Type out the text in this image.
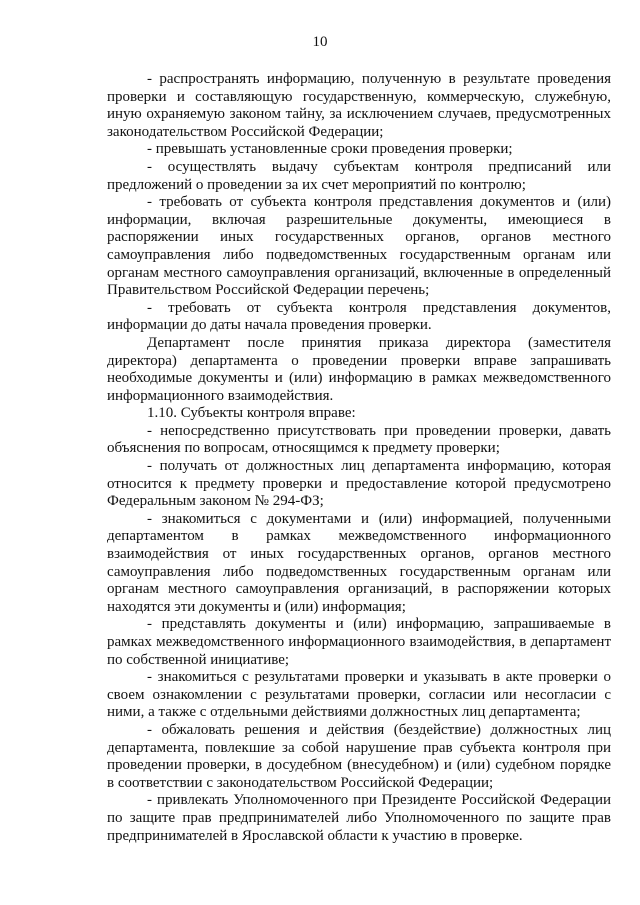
10

- распространять информацию, полученную в результате проведения проверки и составляющую государственную, коммерческую, служебную, иную охраняемую законом тайну, за исключением случаев, предусмотренных законодательством Российской Федерации;

- превышать установленные сроки проведения проверки;

- осуществлять выдачу субъектам контроля предписаний или предложений о проведении за их счет мероприятий по контролю;

- требовать от субъекта контроля представления документов и (или) информации, включая разрешительные документы, имеющиеся в распоряжении иных государственных органов, органов местного самоуправления либо подведомственных государственным органам или органам местного самоуправления организаций, включенные в определенный Правительством Российской Федерации перечень;

- требовать от субъекта контроля представления документов, информации до даты начала проведения проверки.

Департамент после принятия приказа директора (заместителя директора) департамента о проведении проверки вправе запрашивать необходимые документы и (или) информацию в рамках межведомственного информационного взаимодействия.

1.10. Субъекты контроля вправе:

- непосредственно присутствовать при проведении проверки, давать объяснения по вопросам, относящимся к предмету проверки;

- получать от должностных лиц департамента информацию, которая относится к предмету проверки и предоставление которой предусмотрено Федеральным законом № 294-ФЗ;

- знакомиться с документами и (или) информацией, полученными департаментом в рамках межведомственного информационного взаимодействия от иных государственных органов, органов местного самоуправления либо подведомственных государственным органам или органам местного самоуправления организаций, в распоряжении которых находятся эти документы и (или) информация;

- представлять документы и (или) информацию, запрашиваемые в рамках межведомственного информационного взаимодействия, в департамент по собственной инициативе;

- знакомиться с результатами проверки и указывать в акте проверки о своем ознакомлении с результатами проверки, согласии или несогласии с ними, а также с отдельными действиями должностных лиц департамента;

- обжаловать решения и действия (бездействие) должностных лиц департамента, повлекшие за собой нарушение прав субъекта контроля при проведении проверки, в досудебном (внесудебном) и (или) судебном порядке в соответствии с законодательством Российской Федерации;

- привлекать Уполномоченного при Президенте Российской Федерации по защите прав предпринимателей либо Уполномоченного по защите прав предпринимателей в Ярославской области к участию в проверке.
